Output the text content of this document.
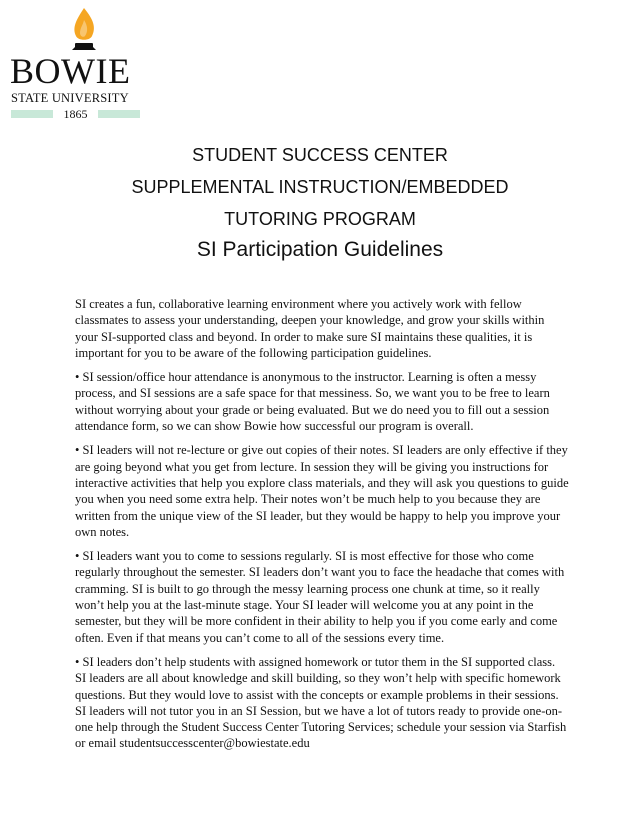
BOWIE
STATE UNIVERSITY
1865
STUDENT SUCCESS CENTER
SUPPLEMENTAL INSTRUCTION/EMBEDDED
TUTORING PROGRAM
SI Participation Guidelines

SI creates a fun, collaborative learning environment where you actively work with fellow classmates to assess your understanding, deepen your knowledge, and grow your skills within your SI-supported class and beyond. In order to make sure SI maintains these qualities, it is important for you to be aware of the following participation guidelines.

• SI session/office hour attendance is anonymous to the instructor. Learning is often a messy process, and SI sessions are a safe space for that messiness. So, we want you to be free to learn without worrying about your grade or being evaluated. But we do need you to fill out a session attendance form, so we can show Bowie how successful our program is overall.

• SI leaders will not re-lecture or give out copies of their notes. SI leaders are only effective if they are going beyond what you get from lecture. In session they will be giving you instructions for interactive activities that help you explore class materials, and they will ask you questions to guide you when you need some extra help. Their notes won’t be much help to you because they are written from the unique view of the SI leader, but they would be happy to help you improve your own notes.

• SI leaders want you to come to sessions regularly. SI is most effective for those who come regularly throughout the semester. SI leaders don’t want you to face the headache that comes with cramming. SI is built to go through the messy learning process one chunk at time, so it really won’t help you at the last-minute stage. Your SI leader will welcome you at any point in the semester, but they will be more confident in their ability to help you if you come early and come often. Even if that means you can’t come to all of the sessions every time.

• SI leaders don’t help students with assigned homework or tutor them in the SI supported class. SI leaders are all about knowledge and skill building, so they won’t help with specific homework questions. But they would love to assist with the concepts or example problems in their sessions. SI leaders will not tutor you in an SI Session, but we have a lot of tutors ready to provide one-on-one help through the Student Success Center Tutoring Services; schedule your session via Starfish or email studentsuccesscenter@bowiestate.edu
